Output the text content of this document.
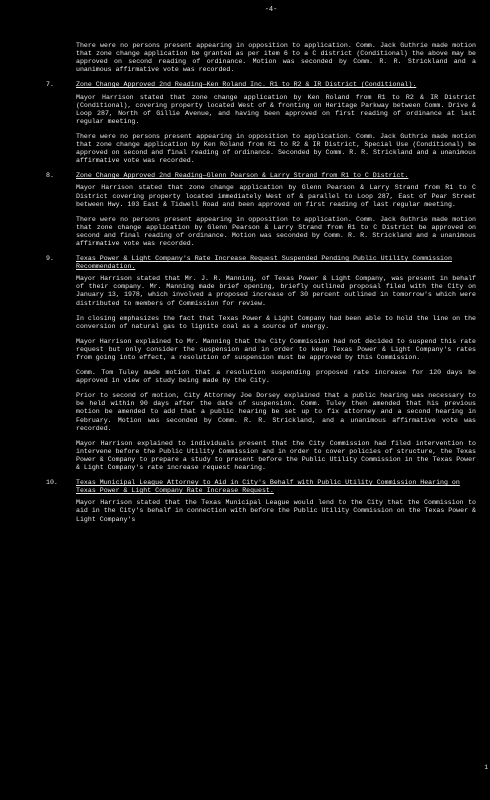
-4-
There were no persons present appearing in opposition to application. Comm. Jack Guthrie made motion that zone change application be granted as per item 6 to a C district (Conditional) the above may be approved on second reading of ordinance. Motion was seconded by Comm. R. R. Strickland and a unanimous affirmative vote was recorded.
7.	Zone Change Approved 2nd Reading—Ken Roland Inc. R1 to R2 & IR District (Conditional).
Mayor Harrison stated that zone change application by Ken Roland from R1 to R2 & IR District (Conditional), covering property located West of & fronting on Heritage Parkway between Comm. Drive & Loop 287, North of Gillie Avenue, and having been approved on first reading of ordinance at last regular meeting.
There were no persons present appearing in opposition to application. Comm. Jack Guthrie made motion that zone change application by Ken Roland from R1 to R2 & IR District, Special Use (Conditional) be approved on second and final reading of ordinance. Seconded by Comm. R. R. Strickland and a unanimous affirmative vote was recorded.
8.	Zone Change Approved 2nd Reading—Glenn Pearson & Larry Strand from R1 to C District.
Mayor Harrison stated that zone change application by Glenn Pearson & Larry Strand from R1 to C District covering property located immediately West of & parallel to Loop 287, East of Pear Street between Hwy. 103 East & Tidwell Road and been approved on first reading of last regular meeting.
There were no persons present appearing in opposition to application. Comm. Jack Guthrie made motion that zone change application by Glenn Pearson & Larry Strand from R1 to C District be approved on second and final reading of ordinance. Motion was seconded by Comm. R. R. Strickland and a unanimous affirmative vote was recorded.
9.	Texas Power & Light Company's Rate Increase Request Suspended Pending Public Utility Commission Recommendation.
Mayor Harrison stated that Mr. J. R. Manning, of Texas Power & Light Company, was present in behalf of their company. Mr. Manning made brief opening, briefly outlined proposal filed with the City on January 13, 1978, which involved a proposed increase of 30 percent outlined in tomorrow's which were distributed to members of Commission for review.
In closing emphasizes the fact that Texas Power & Light Company had been able to hold the line on the conversion of natural gas to lignite coal as a source of energy.
Mayor Harrison explained to Mr. Manning that the City Commission had not decided to suspend this rate request but only consider the suspension and in order to keep Texas Power & Light Company's rates from going into effect, a resolution of suspension must be approved by this Commission.
Comm. Tom Tuley made motion that a resolution suspending proposed rate increase for 120 days be approved in view of study being made by the City.
Prior to second of motion, City Attorney Joe Dorsey explained that a public hearing was necessary to be held within 90 days after the date of suspension. Comm. Tuley then amended that his previous motion be amended to add that a public hearing be set up to fix attorney and a second hearing in February. Motion was seconded by Comm. R. R. Strickland, and a unanimous affirmative vote was recorded.
Mayor Harrison explained to individuals present that the City Commission had filed intervention to intervene before the Public Utility Commission and in order to cover policies of structure, the Texas Power & Company to prepare a study to present before the Public Utility Commission in the Texas Power & Light Company's rate increase request hearing.
10.	Texas Municipal League Attorney to Aid in City's Behalf with Public Utility Commission Hearing on Texas Power & Light Company Rate Increase Request.
Mayor Harrison stated that the Texas Municipal League would lend to the City that the Commission to aid in the City's behalf in connection with before the Public Utility Commission on the Texas Power & Light Company's
1
